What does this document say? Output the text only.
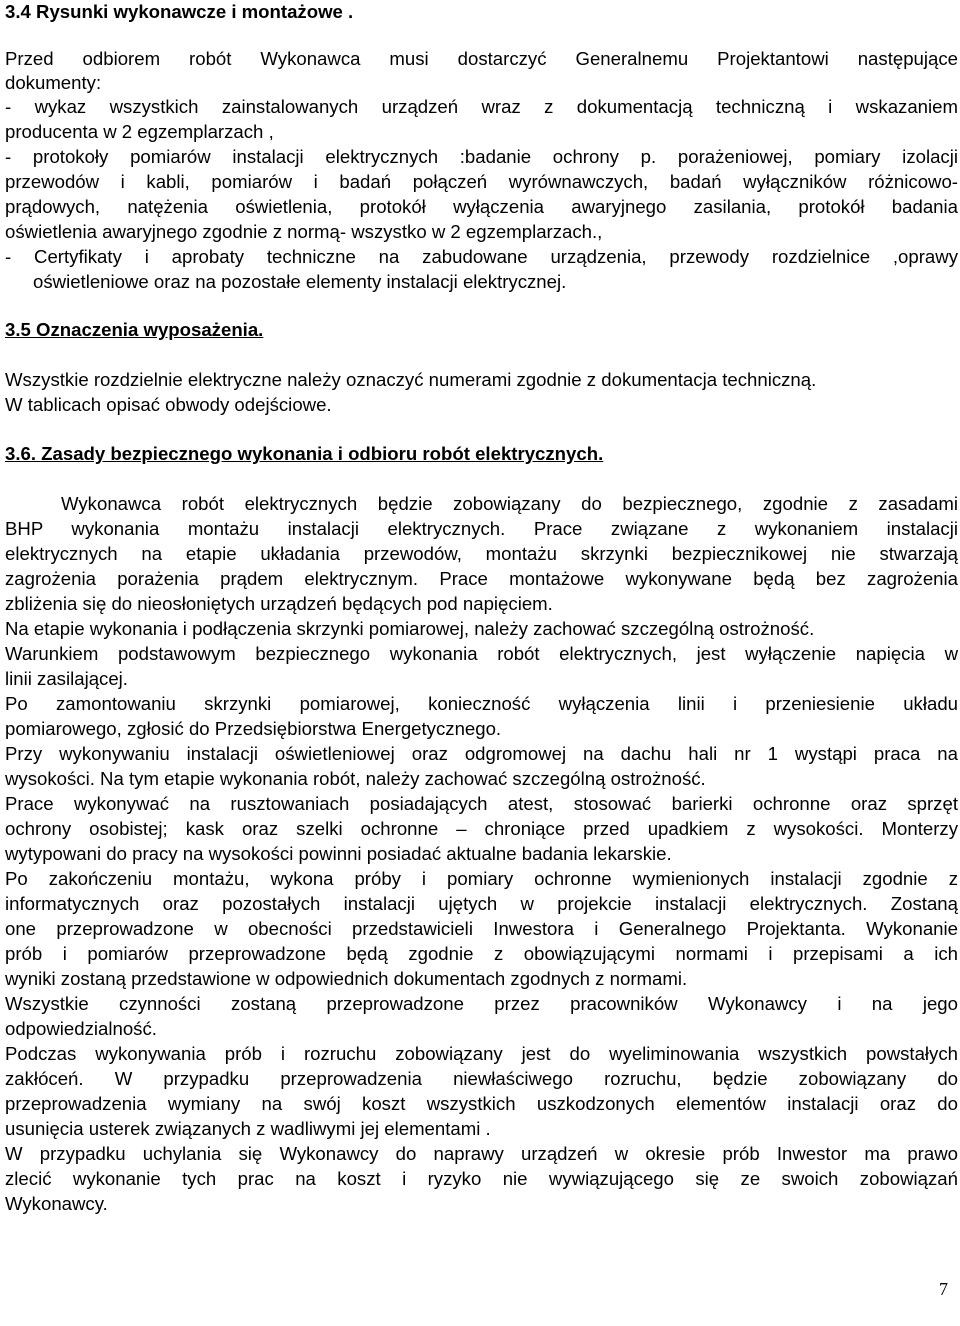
3.4 Rysunki wykonawcze i montażowe .
Przed odbiorem robót Wykonawca musi dostarczyć Generalnemu Projektantowi następujące
dokumenty:
- wykaz wszystkich zainstalowanych urządzeń wraz z dokumentacją techniczną i wskazaniem
producenta w 2 egzemplarzach ,
- protokoły pomiarów instalacji elektrycznych :badanie ochrony p. porażeniowej, pomiary izolacji
przewodów i kabli, pomiarów i badań połączeń wyrównawczych, badań wyłączników różnicowo-
prądowych, natężenia oświetlenia, protokół wyłączenia awaryjnego zasilania, protokół badania
oświetlenia awaryjnego zgodnie z normą- wszystko w 2 egzemplarzach.,
- Certyfikaty i aprobaty techniczne na zabudowane urządzenia, przewody rozdzielnice ,oprawy
oświetleniowe oraz na pozostałe elementy instalacji elektrycznej.
3.5 Oznaczenia wyposażenia.
Wszystkie rozdzielnie elektryczne należy oznaczyć numerami zgodnie z dokumentacja techniczną.
W tablicach opisać obwody odejściowe.
3.6. Zasady bezpiecznego wykonania i odbioru robót elektrycznych.
Wykonawca robót elektrycznych będzie zobowiązany do bezpiecznego, zgodnie z zasadami
BHP wykonania montażu instalacji elektrycznych. Prace związane z wykonaniem instalacji
elektrycznych na etapie układania przewodów, montażu skrzynki bezpiecznikowej nie stwarzają
zagrożenia porażenia prądem elektrycznym. Prace montażowe wykonywane będą bez zagrożenia
zbliżenia się do nieosłoniętych urządzeń będących pod napięciem.
Na etapie wykonania i podłączenia skrzynki pomiarowej, należy zachować szczególną ostrożność.
Warunkiem podstawowym bezpiecznego wykonania robót elektrycznych, jest wyłączenie napięcia w
linii zasilającej.
Po zamontowaniu skrzynki pomiarowej, konieczność wyłączenia linii i przeniesienie układu
pomiarowego, zgłosić do Przedsiębiorstwa Energetycznego.
Przy wykonywaniu instalacji oświetleniowej oraz odgromowej na dachu hali nr 1 wystąpi praca na
wysokości. Na tym etapie wykonania robót, należy zachować szczególną ostrożność.
Prace wykonywać na rusztowaniach posiadających atest, stosować barierki ochronne oraz sprzęt
ochrony osobistej; kask oraz szelki ochronne – chroniące przed upadkiem z wysokości. Monterzy
wytypowani do pracy na wysokości powinni posiadać aktualne badania lekarskie.
Po zakończeniu montażu, wykona próby i pomiary ochronne wymienionych instalacji zgodnie z
informatycznych oraz pozostałych instalacji ujętych w projekcie instalacji elektrycznych. Zostaną
one przeprowadzone w obecności przedstawicieli Inwestora i Generalnego Projektanta. Wykonanie
prób i pomiarów przeprowadzone będą zgodnie z obowiązującymi normami i przepisami a ich
wyniki zostaną przedstawione w odpowiednich dokumentach zgodnych z normami.
Wszystkie czynności zostaną przeprowadzone przez pracowników Wykonawcy i na jego
odpowiedzialność.
Podczas wykonywania prób i rozruchu zobowiązany jest do wyeliminowania wszystkich powstałych
zakłóceń. W przypadku przeprowadzenia niewłaściwego rozruchu, będzie zobowiązany do
przeprowadzenia wymiany na swój koszt wszystkich uszkodzonych elementów instalacji oraz do
usunięcia usterek związanych z wadliwymi jej elementami .
W przypadku uchylania się Wykonawcy do naprawy urządzeń w okresie prób Inwestor ma prawo
zlecić wykonanie tych prac na koszt i ryzyko nie wywiązującego się ze swoich zobowiązań
Wykonawcy.
7
